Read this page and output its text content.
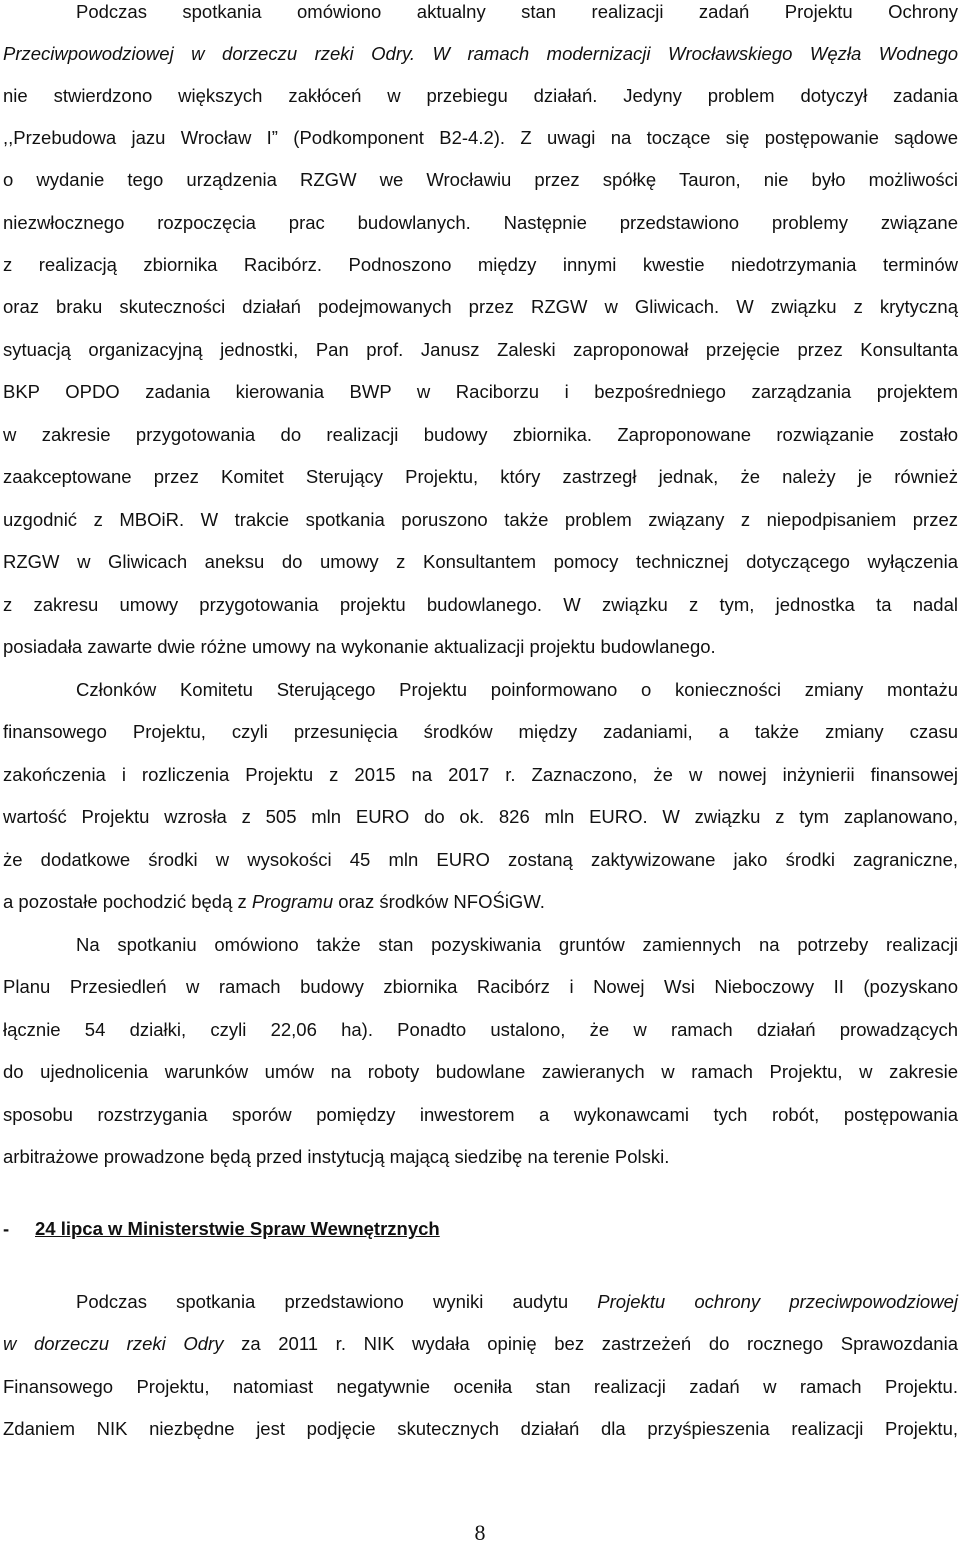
Podczas spotkania omówiono aktualny stan realizacji zadań Projektu Ochrony
Przeciwpowodziowej w dorzeczu rzeki Odry. W ramach modernizacji Wrocławskiego Węzła Wodnego
nie stwierdzono większych zakłóceń w przebiegu działań. Jedyny problem dotyczył zadania
,,Przebudowa jazu Wrocław I” (Podkomponent B2-4.2). Z uwagi na toczące się postępowanie sądowe
o wydanie tego urządzenia RZGW we Wrocławiu przez spółkę Tauron, nie było możliwości
niezwłocznego rozpoczęcia prac budowlanych. Następnie przedstawiono problemy związane
z realizacją zbiornika Racibórz. Podnoszono między innymi kwestie niedotrzymania terminów
oraz braku skuteczności działań podejmowanych przez RZGW w Gliwicach. W związku z krytyczną
sytuacją organizacyjną jednostki, Pan prof. Janusz Zaleski zaproponował przejęcie przez Konsultanta
BKP OPDO zadania kierowania BWP w Raciborzu i bezpośredniego zarządzania projektem
w zakresie przygotowania do realizacji budowy zbiornika. Zaproponowane rozwiązanie zostało
zaakceptowane przez Komitet Sterujący Projektu, który zastrzegł jednak, że należy je również
uzgodnić z MBOiR. W trakcie spotkania poruszono także problem związany z niepodpisaniem przez
RZGW w Gliwicach aneksu do umowy z Konsultantem pomocy technicznej dotyczącego wyłączenia
z zakresu umowy przygotowania projektu budowlanego. W związku z tym, jednostka ta nadal
posiadała zawarte dwie różne umowy na wykonanie aktualizacji projektu budowlanego.
Członków Komitetu Sterującego Projektu poinformowano o konieczności zmiany montażu
finansowego Projektu, czyli przesunięcia środków między zadaniami, a także zmiany czasu
zakończenia i rozliczenia Projektu z 2015 na 2017 r. Zaznaczono, że w nowej inżynierii finansowej
wartość Projektu wzrosła z 505 mln EURO do ok. 826 mln EURO. W związku z tym zaplanowano,
że dodatkowe środki w wysokości 45 mln EURO zostaną zaktywizowane jako środki zagraniczne,
a pozostałe pochodzić będą z Programu oraz środków NFOŚiGW.
Na spotkaniu omówiono także stan pozyskiwania gruntów zamiennych na potrzeby realizacji
Planu Przesiedleń w ramach budowy zbiornika Racibórz i Nowej Wsi Nieboczowy II (pozyskano
łącznie 54 działki, czyli 22,06 ha). Ponadto ustalono, że w ramach działań prowadzących
do ujednolicenia warunków umów na roboty budowlane zawieranych w ramach Projektu, w zakresie
sposobu rozstrzygania sporów pomiędzy inwestorem a wykonawcami tych robót, postępowania
arbitrażowe prowadzone będą przed instytucją mającą siedzibę na terenie Polski.
- 24 lipca w Ministerstwie Spraw Wewnętrznych
Podczas spotkania przedstawiono wyniki audytu Projektu ochrony przeciwpowodziowej
w dorzeczu rzeki Odry za 2011 r. NIK wydała opinię bez zastrzeżeń do rocznego Sprawozdania
Finansowego Projektu, natomiast negatywnie oceniła stan realizacji zadań w ramach Projektu.
Zdaniem NIK niezbędne jest podjęcie skutecznych działań dla przyśpieszenia realizacji Projektu,
8
